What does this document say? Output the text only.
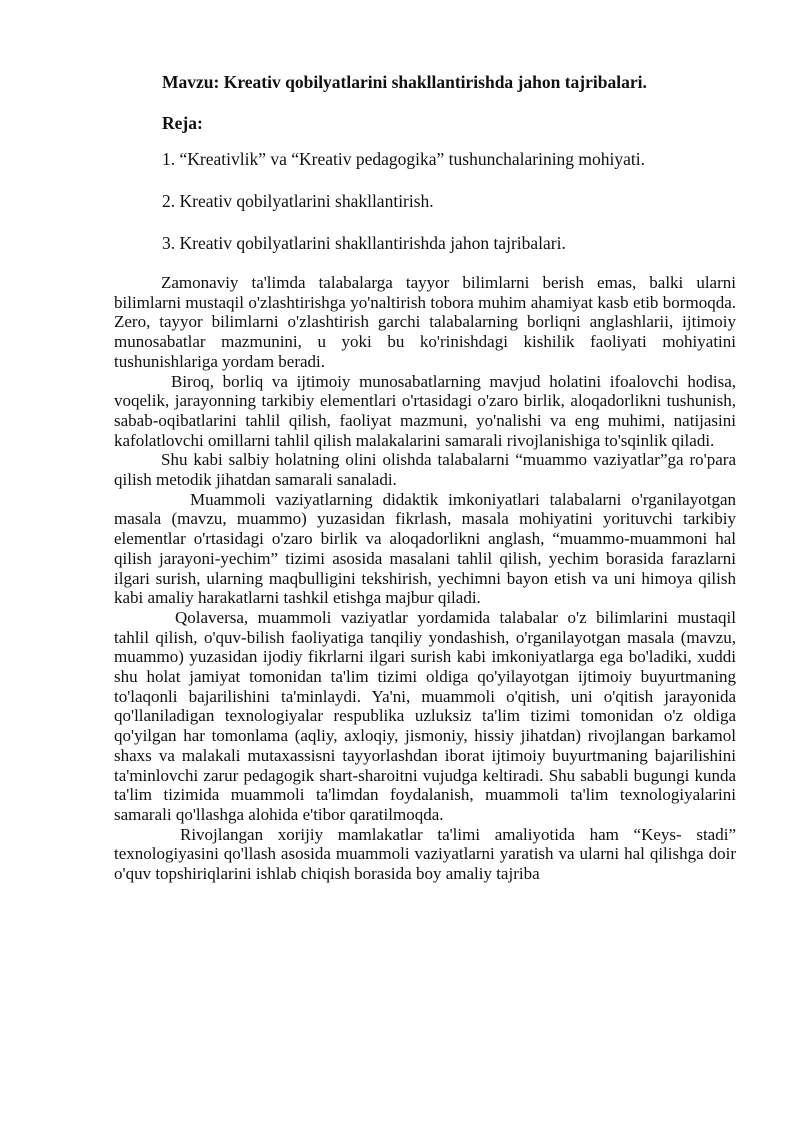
Mavzu: Kreativ qobilyatlarini shakllantirishda jahon tajribalari.
Reja:
1. “Kreativlik” va “Kreativ pedagogika” tushunchalarining mohiyati.
2. Kreativ qobilyatlarini shakllantirish.
3. Kreativ qobilyatlarini shakllantirishda jahon tajribalari.

Zamonaviy ta'limda talabalarga tayyor bilimlarni berish emas, balki ularni bilimlarni mustaqil o'zlashtirishga yo'naltirish tobora muhim ahamiyat kasb etib bormoqda. Zero, tayyor bilimlarni o'zlashtirish garchi talabalarning borliqni anglashlarii, ijtimoiy munosabatlar mazmunini, u yoki bu ko'rinishdagi kishilik faoliyati mohiyatini tushunishlariga yordam beradi.

Biroq, borliq va ijtimoiy munosabatlarning mavjud holatini ifoalovchi hodisa, voqelik, jarayonning tarkibiy elementlari o'rtasidagi o'zaro birlik, aloqadorlikni tushunish, sabab-oqibatlarini tahlil qilish, faoliyat mazmuni, yo'nalishi va eng muhimi, natijasini kafolatlovchi omillarni tahlil qilish malakalarini samarali rivojlanishiga to'sqinlik qiladi.

Shu kabi salbiy holatning olini olishda talabalarni “muammo vaziyatlar”ga ro'para qilish metodik jihatdan samarali sanaladi.

Muammoli vaziyatlarning didaktik imkoniyatlari talabalarni o'rganilayotgan masala (mavzu, muammo) yuzasidan fikrlash, masala mohiyatini yorituvchi tarkibiy elementlar o'rtasidagi o'zaro birlik va aloqadorlikni anglash, “muammo-muammoni hal qilish jarayoni-yechim” tizimi asosida masalani tahlil qilish, yechim borasida farazlarni ilgari surish, ularning maqbulligini tekshirish, yechimni bayon etish va uni himoya qilish kabi amaliy harakatlarni tashkil etishga majbur qiladi.

Qolaversa, muammoli vaziyatlar yordamida talabalar o'z bilimlarini mustaqil tahlil qilish, o'quv-bilish faoliyatiga tanqiliy yondashish, o'rganilayotgan masala (mavzu, muammo) yuzasidan ijodiy fikrlarni ilgari surish kabi imkoniyatlarga ega bo'ladiki, xuddi shu holat jamiyat tomonidan ta'lim tizimi oldiga qo'yilayotgan ijtimoiy buyurtmaning to'laqonli bajarilishini ta'minlaydi. Ya'ni, muammoli o'qitish, uni o'qitish jarayonida qo'llaniladigan texnologiyalar respublika uzluksiz ta'lim tizimi tomonidan o'z oldiga qo'yilgan har tomonlama (aqliy, axloqiy, jismoniy, hissiy jihatdan) rivojlangan barkamol shaxs va malakali mutaxassisni tayyorlashdan iborat ijtimoiy buyurtmaning bajarilishini ta'minlovchi zarur pedagogik shart-sharoitni vujudga keltiradi. Shu sababli bugungi kunda ta'lim tizimida muammoli ta'limdan foydalanish, muammoli ta'lim texnologiyalarini samarali qo'llashga alohida e'tibor qaratilmoqda.

Rivojlangan xorijiy mamlakatlar ta'limi amaliyotida ham “Keys- stadi” texnologiyasini qo'llash asosida muammoli vaziyatlarni yaratish va ularni hal qilishga doir o'quv topshiriqlarini ishlab chiqish borasida boy amaliy tajriba
